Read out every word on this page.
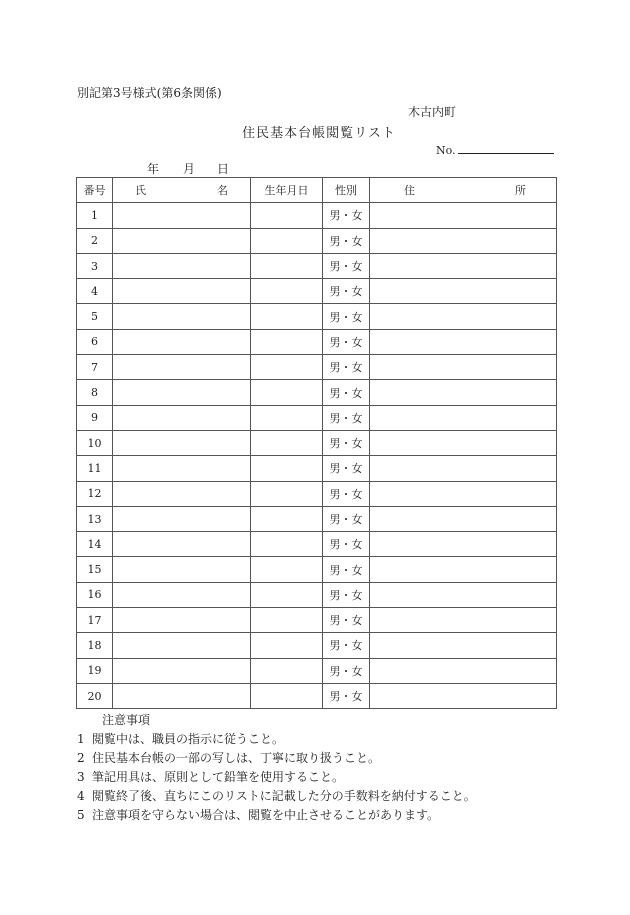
別記第3号様式(第6条関係)
木古内町
住民基本台帳閲覧リスト
No.
年 月 日
番号	氏 名	生年月日	性別	住 所

1			男・女	
2			男・女	
3			男・女	
4			男・女	
5			男・女	
6			男・女	
7			男・女	
8			男・女	
9			男・女	
10			男・女	
11			男・女	
12			男・女	
13			男・女	
14			男・女	
15			男・女	
16			男・女	
17			男・女	
18			男・女	
19			男・女	
20			男・女	
注意事項
1 閲覧中は、職員の指示に従うこと。
2 住民基本台帳の一部の写しは、丁寧に取り扱うこと。
3 筆記用具は、原則として鉛筆を使用すること。
4 閲覧終了後、直ちにこのリストに記載した分の手数料を納付すること。
5 注意事項を守らない場合は、閲覧を中止させることがあります。
